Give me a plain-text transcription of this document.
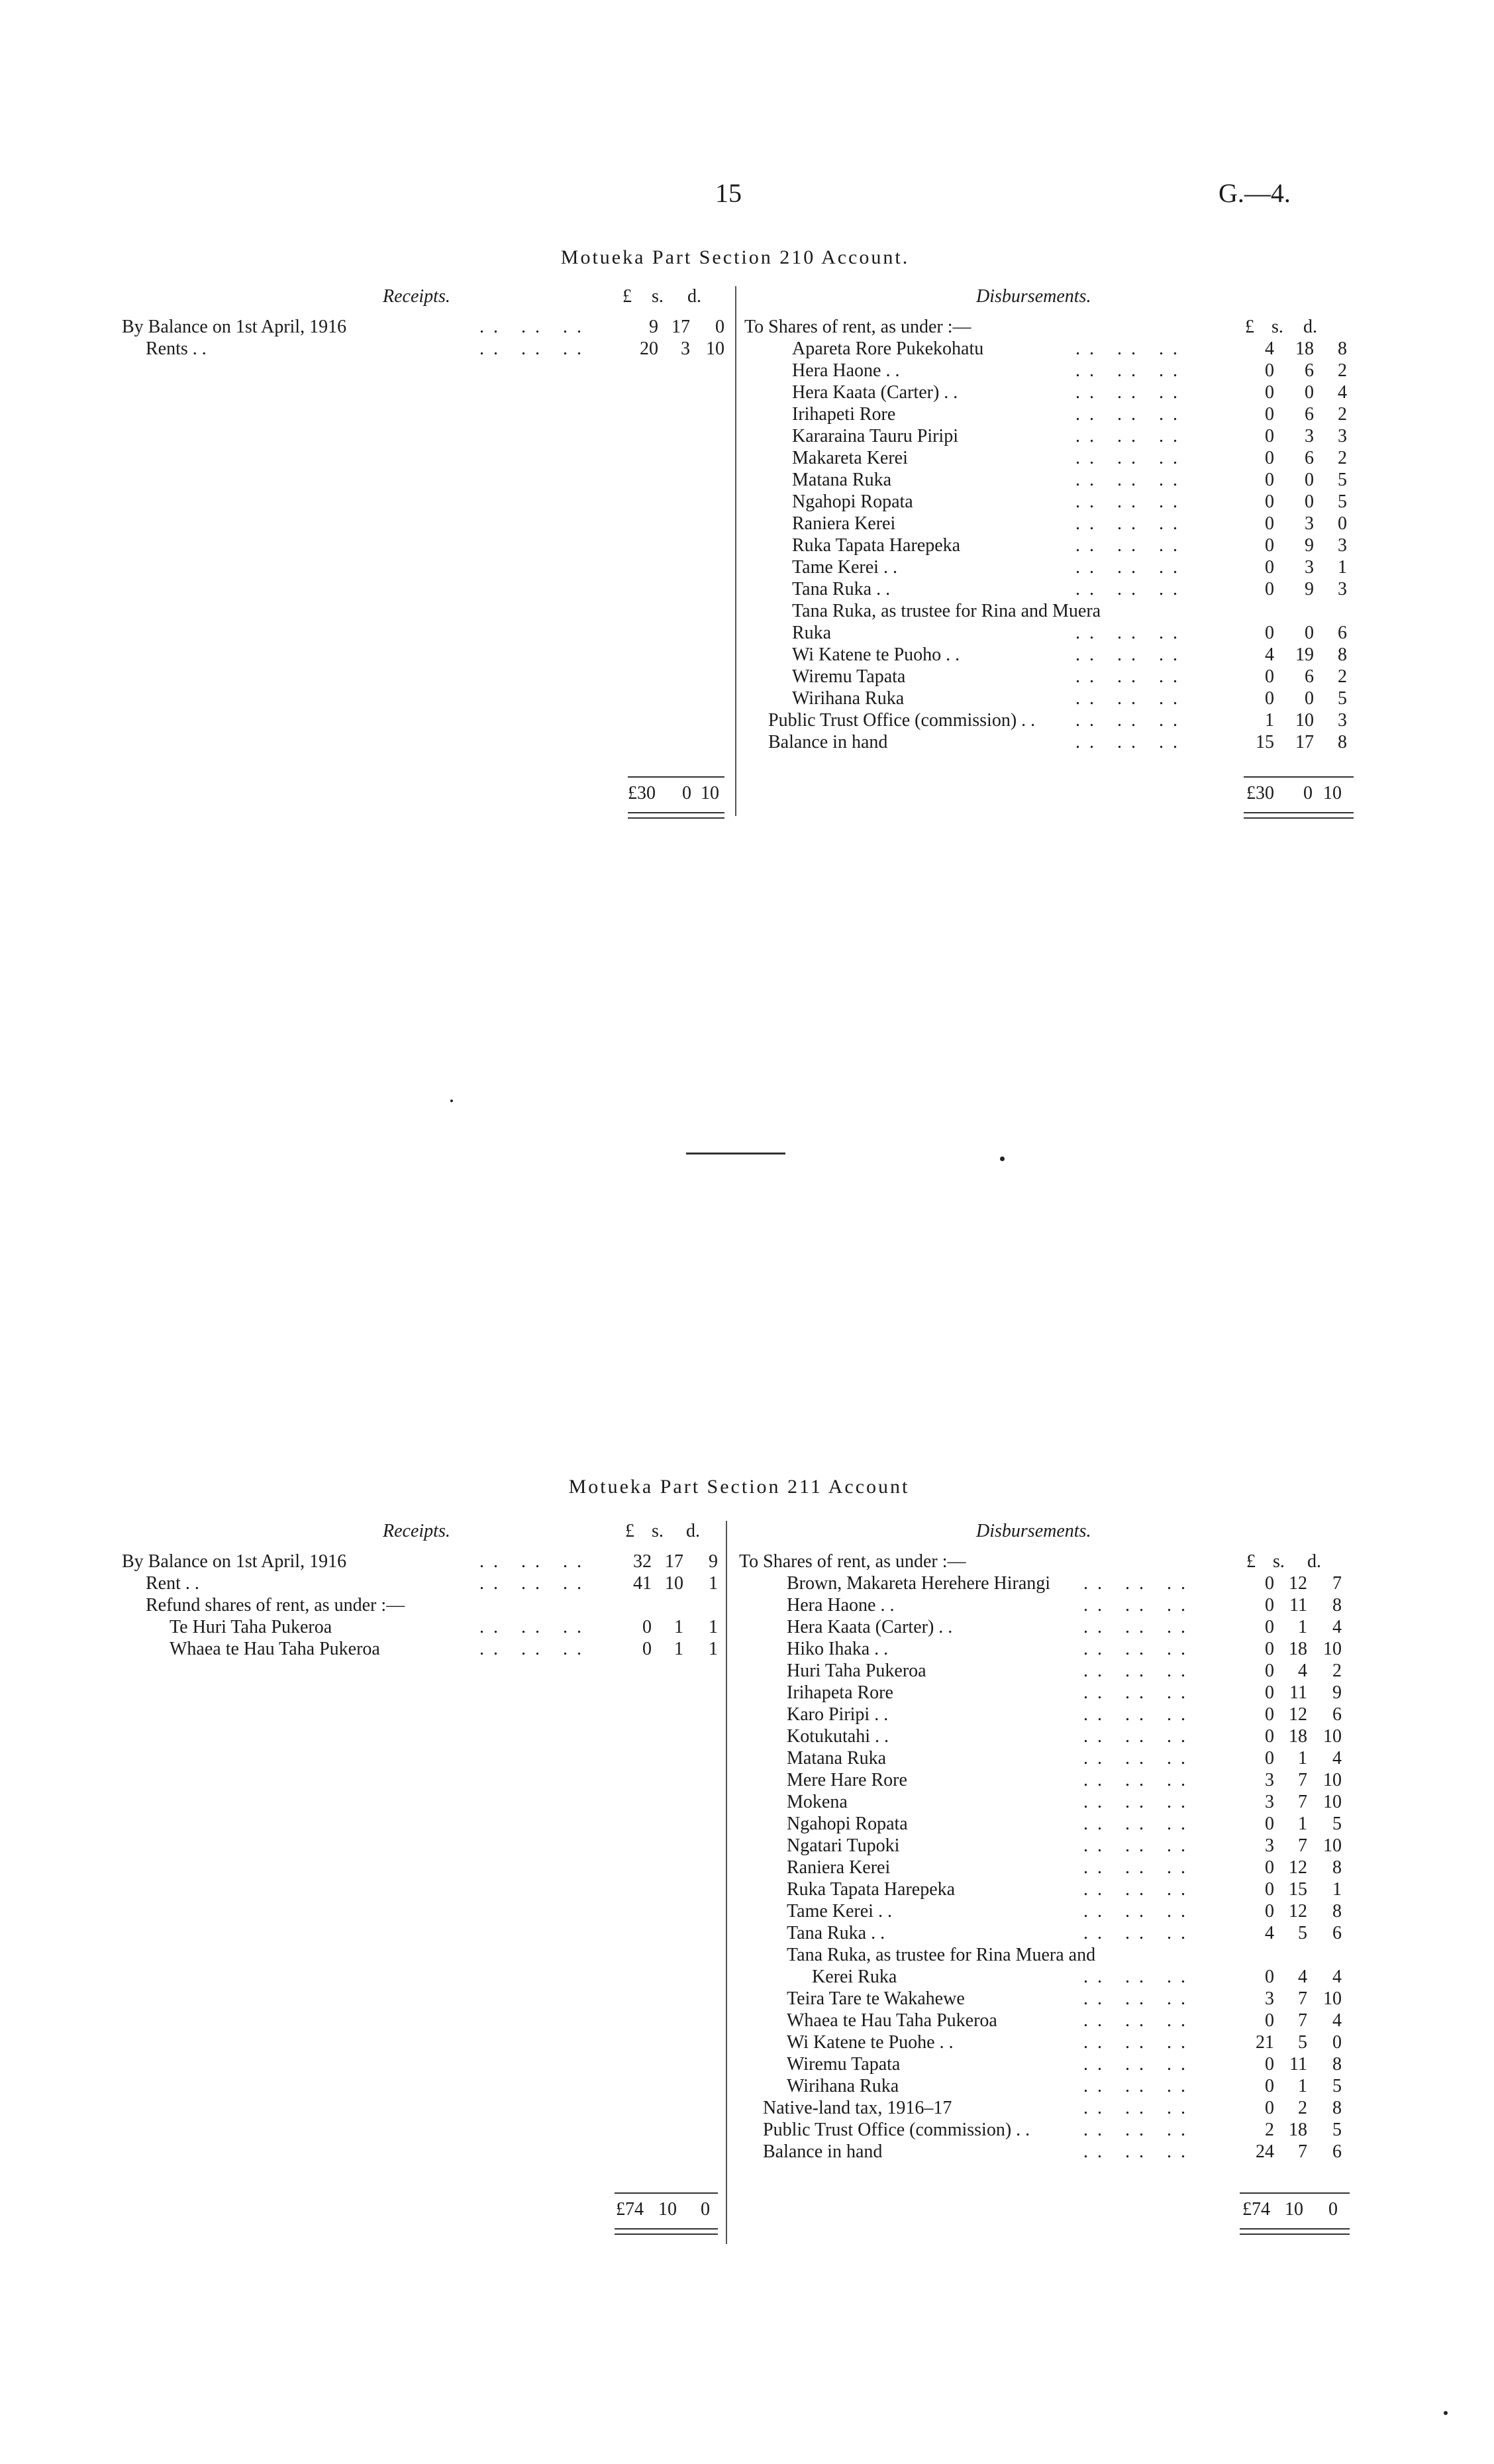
15	G.—4.
Motueka Part Section 210 Account.
Receipts.	Disbursements.
£ s. d.
£ s. d.
By Balance on 1st April, 1916	.. .. ..	9 17 0
Rents . .	.. .. ..	20 3 10
To Shares of rent, as under :—
Apareta Rore Pukekohatu	.. .. ..	4 18 8
Hera Haone . .	.. .. ..	0 6 2
Hera Kaata (Carter) . .	.. .. ..	0 0 4
Irihapeti Rore	.. .. ..	0 6 2
Kararaina Tauru Piripi	.. .. ..	0 3 3
Makareta Kerei	.. .. ..	0 6 2
Matana Ruka	.. .. ..	0 0 5
Ngahopi Ropata	.. .. ..	0 0 5
Raniera Kerei	.. .. ..	0 3 0
Ruka Tapata Harepeka	.. .. ..	0 9 3
Tame Kerei . .	.. .. ..	0 3 1
Tana Ruka . .	.. .. ..	0 9 3
Tana Ruka, as trustee for Rina and Muera
Ruka	.. .. ..	0 0 6
Wi Katene te Puoho . .	.. .. ..	4 19 8
Wiremu Tapata	.. .. ..	0 6 2
Wirihana Ruka	.. .. ..	0 0 5
Public Trust Office (commission) . . .. .. ..	1 10 3
Balance in hand	.. .. ..	15 17 8
£30 0 10	£30 0 10
Motueka Part Section 211 Account
Receipts.	Disbursements.
£ s. d.
£ s. d.
By Balance on 1st April, 1916	.. .. .. 32 17 9
Rent . .	.. .. .. 41 10 1
Refund shares of rent, as under :—
Te Huri Taha Pukeroa	.. .. ..	0 1 1
Whaea te Hau Taha Pukeroa	.. .. ..	0 1 1
To Shares of rent, as under :—
Brown, Makareta Herehere Hirangi .. .. ..	0 12 7
Hera Haone . .	.. .. ..	0 11 8
Hera Kaata (Carter) . .	.. .. ..	0 1 4
Hiko Ihaka . .	.. .. ..	0 18 10
Huri Taha Pukeroa	.. .. ..	0 4 2
Irihapeta Rore	.. .. ..	0 11 9
Karo Piripi . .	.. .. ..	0 12 6
Kotukutahi . .	.. .. ..	0 18 10
Matana Ruka	.. .. ..	0 1 4
Mere Hare Rore	.. .. ..	3 7 10
Mokena	.. .. ..	3 7 10
Ngahopi Ropata	.. .. ..	0 1 5
Ngatari Tupoki	.. .. ..	3 7 10
Raniera Kerei	.. .. ..	0 12 8
Ruka Tapata Harepeka	.. .. ..	0 15 1
Tame Kerei . .	.. .. ..	0 12 8
Tana Ruka . .	.. .. ..	4 5 6
Tana Ruka, as trustee for Rina Muera and
Kerei Ruka	.. .. ..	0 4 4
Teira Tare te Wakahewe	.. .. ..	3 7 10
Whaea te Hau Taha Pukeroa	.. .. ..	0 7 4
Wi Katene te Puohe . .	.. .. ..	21 5 0
Wiremu Tapata	.. .. ..	0 11 8
Wirihana Ruka	.. .. ..	0 1 5
Native-land tax, 1916–17	.. .. ..	0 2 8
Public Trust Office (commission) . .	.. .. ..	2 18 5
Balance in hand	.. .. ..	24 7 6
£74 10 0	£74 10 0
